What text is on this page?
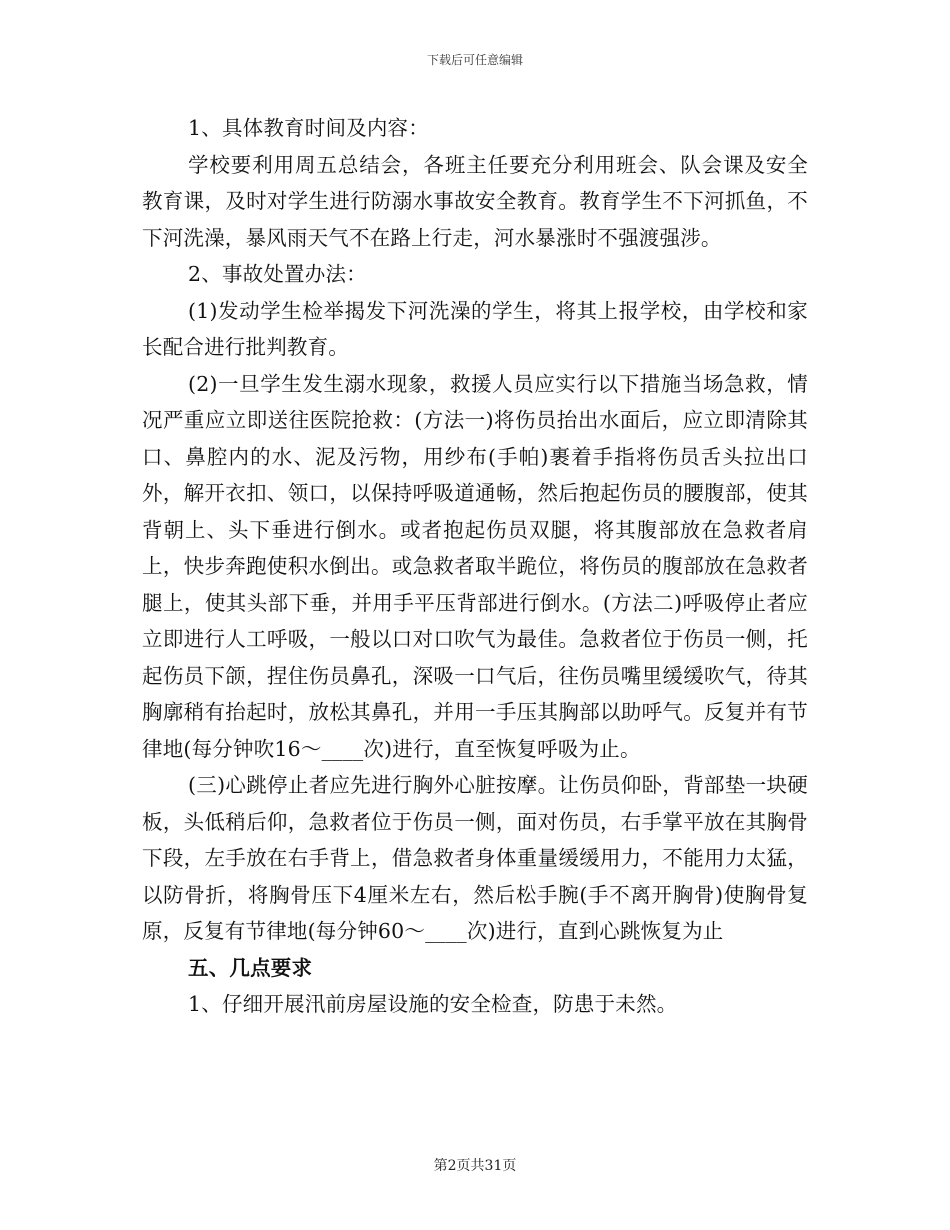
下载后可任意编辑

1、具体教育时间及内容：

学校要利用周五总结会，各班主任要充分利用班会、队会课及安全教育课，及时对学生进行防溺水事故安全教育。教育学生不下河抓鱼，不下河洗澡，暴风雨天气不在路上行走，河水暴涨时不强渡强涉。

2、事故处置办法：

(1)发动学生检举揭发下河洗澡的学生，将其上报学校，由学校和家长配合进行批判教育。

(2)一旦学生发生溺水现象，救援人员应实行以下措施当场急救，情况严重应立即送往医院抢救：(方法一)将伤员抬出水面后，应立即清除其口、鼻腔内的水、泥及污物，用纱布(手帕)裹着手指将伤员舌头拉出口外，解开衣扣、领口，以保持呼吸道通畅，然后抱起伤员的腰腹部，使其背朝上、头下垂进行倒水。或者抱起伤员双腿，将其腹部放在急救者肩上，快步奔跑使积水倒出。或急救者取半跪位，将伤员的腹部放在急救者腿上，使其头部下垂，并用手平压背部进行倒水。(方法二)呼吸停止者应立即进行人工呼吸，一般以口对口吹气为最佳。急救者位于伤员一侧，托起伤员下颌，捏住伤员鼻孔，深吸一口气后，往伤员嘴里缓缓吹气，待其胸廓稍有抬起时，放松其鼻孔，并用一手压其胸部以助呼气。反复并有节律地(每分钟吹16～____次)进行，直至恢复呼吸为止。

(三)心跳停止者应先进行胸外心脏按摩。让伤员仰卧，背部垫一块硬板，头低稍后仰，急救者位于伤员一侧，面对伤员，右手掌平放在其胸骨下段，左手放在右手背上，借急救者身体重量缓缓用力，不能用力太猛，以防骨折，将胸骨压下4厘米左右，然后松手腕(手不离开胸骨)使胸骨复原，反复有节律地(每分钟60～____次)进行，直到心跳恢复为止

五、几点要求

1、仔细开展汛前房屋设施的安全检查，防患于未然。

第2页共31页
